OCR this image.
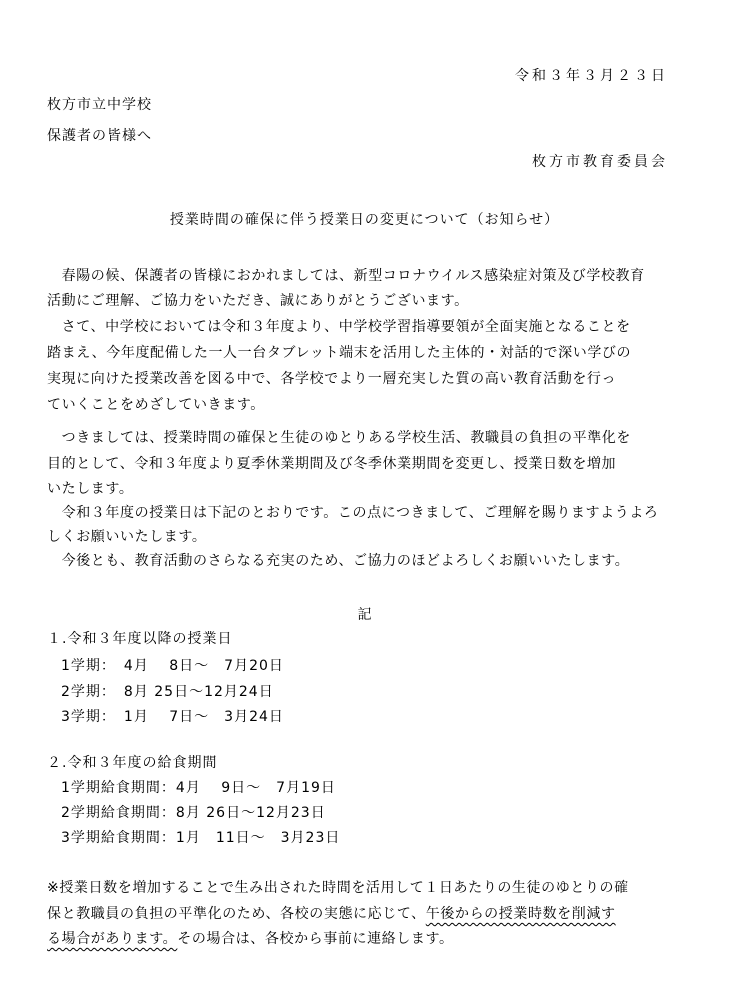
令和３年３月２３日
枚方市立中学校
保護者の皆様へ
枚方市教育委員会
授業時間の確保に伴う授業日の変更について（お知らせ）
　春陽の候、保護者の皆様におかれましては、新型コロナウイルス感染症対策及び学校教育
活動にご理解、ご協力をいただき、誠にありがとうございます。
　さて、中学校においては令和３年度より、中学校学習指導要領が全面実施となることを
踏まえ、今年度配備した一人一台タブレット端末を活用した主体的・対話的で深い学びの
実現に向けた授業改善を図る中で、各学校でより一層充実した質の高い教育活動を行っ
ていくことをめざしていきます。
　つきましては、授業時間の確保と生徒のゆとりある学校生活、教職員の負担の平準化を
目的として、令和３年度より夏季休業期間及び冬季休業期間を変更し、授業日数を増加
いたします。
　令和３年度の授業日は下記のとおりです。この点につきまして、ご理解を賜りますようよろ
しくお願いいたします。
　今後とも、教育活動のさらなる充実のため、ご協力のほどよろしくお願いいたします。
記
１.令和３年度以降の授業日
1学期：　4月　 8日～　7月20日
2学期：　8月 25日～12月24日
3学期：　1月　 7日～　3月24日
２.令和３年度の給食期間
1学期給食期間：4月　 9日～　7月19日
2学期給食期間：8月 26日～12月23日
3学期給食期間：1月　11日～　3月23日
※授業日数を増加することで生み出された時間を活用して１日あたりの生徒のゆとりの確
保と教職員の負担の平準化のため、各校の実態に応じて、午後からの授業時数を削減す
る場合があります。その場合は、各校から事前に連絡します。
